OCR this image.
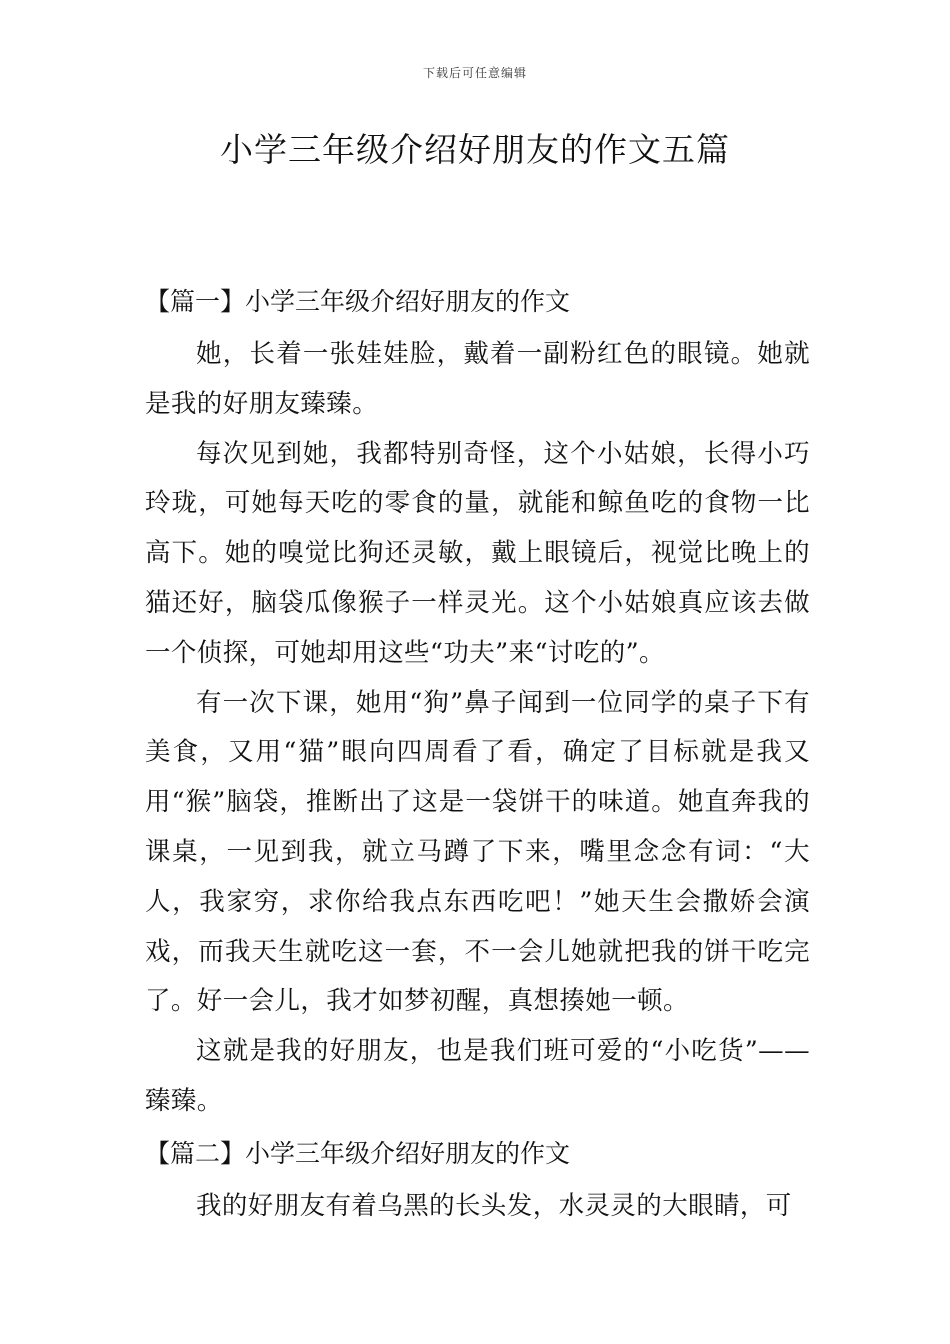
下载后可任意编辑
小学三年级介绍好朋友的作文五篇

【篇一】小学三年级介绍好朋友的作文

她，长着一张娃娃脸，戴着一副粉红色的眼镜。她就是我的好朋友臻臻。

每次见到她，我都特别奇怪，这个小姑娘，长得小巧玲珑，可她每天吃的零食的量，就能和鲸鱼吃的食物一比高下。她的嗅觉比狗还灵敏，戴上眼镜后，视觉比晚上的猫还好，脑袋瓜像猴子一样灵光。这个小姑娘真应该去做一个侦探，可她却用这些“功夫”来“讨吃的”。

有一次下课，她用“狗”鼻子闻到一位同学的桌子下有美食，又用“猫”眼向四周看了看，确定了目标就是我又用“猴”脑袋，推断出了这是一袋饼干的味道。她直奔我的课桌，一见到我，就立马蹲了下来，嘴里念念有词：“大人，我家穷，求你给我点东西吃吧！”她天生会撒娇会演戏，而我天生就吃这一套，不一会儿她就把我的饼干吃完了。好一会儿，我才如梦初醒，真想揍她一顿。

这就是我的好朋友，也是我们班可爱的“小吃货”——臻臻。

【篇二】小学三年级介绍好朋友的作文

我的好朋友有着乌黑的长头发，水灵灵的大眼睛，可
